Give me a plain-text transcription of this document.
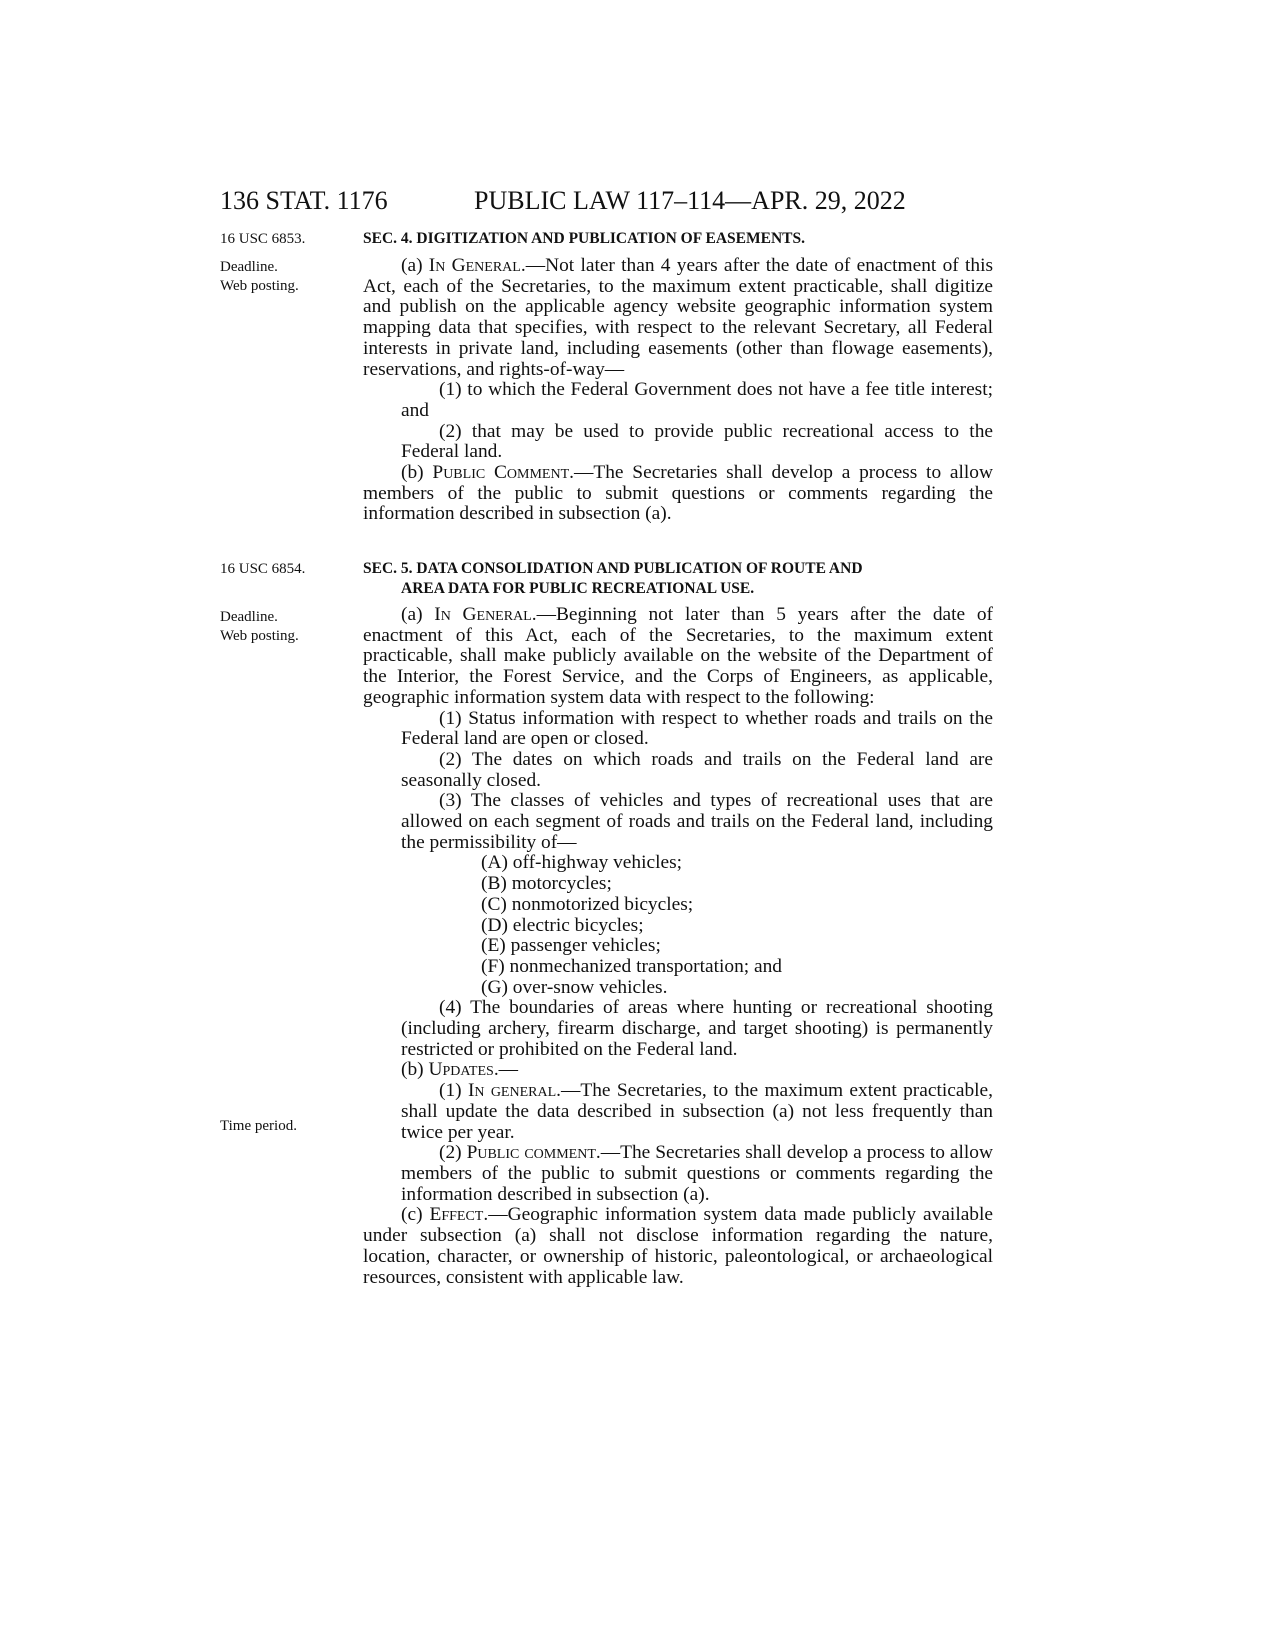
136 STAT. 1176	PUBLIC LAW 117–114—APR. 29, 2022
16 USC 6853.
Deadline.
Web posting.
16 USC 6854.
Deadline.
Web posting.
Time period.
SEC. 4. DIGITIZATION AND PUBLICATION OF EASEMENTS.

(a) In General.—Not later than 4 years after the date of enactment of this Act, each of the Secretaries, to the maximum extent practicable, shall digitize and publish on the applicable agency website geographic information system mapping data that specifies, with respect to the relevant Secretary, all Federal interests in private land, including easements (other than flowage easements), reservations, and rights-of-way—

(1) to which the Federal Government does not have a fee title interest; and

(2) that may be used to provide public recreational access to the Federal land.

(b) Public Comment.—The Secretaries shall develop a process to allow members of the public to submit questions or comments regarding the information described in subsection (a).

SEC. 5. DATA CONSOLIDATION AND PUBLICATION OF ROUTE AND
AREA DATA FOR PUBLIC RECREATIONAL USE.

(a) In General.—Beginning not later than 5 years after the date of enactment of this Act, each of the Secretaries, to the maximum extent practicable, shall make publicly available on the website of the Department of the Interior, the Forest Service, and the Corps of Engineers, as applicable, geographic information system data with respect to the following:

(1) Status information with respect to whether roads and trails on the Federal land are open or closed.

(2) The dates on which roads and trails on the Federal land are seasonally closed.

(3) The classes of vehicles and types of recreational uses that are allowed on each segment of roads and trails on the Federal land, including the permissibility of—

(A) off-highway vehicles;

(B) motorcycles;

(C) nonmotorized bicycles;

(D) electric bicycles;

(E) passenger vehicles;

(F) nonmechanized transportation; and

(G) over-snow vehicles.

(4) The boundaries of areas where hunting or recreational shooting (including archery, firearm discharge, and target shooting) is permanently restricted or prohibited on the Federal land.

(b) Updates.—

(1) In general.—The Secretaries, to the maximum extent practicable, shall update the data described in subsection (a) not less frequently than twice per year.

(2) Public comment.—The Secretaries shall develop a process to allow members of the public to submit questions or comments regarding the information described in subsection (a).

(c) Effect.—Geographic information system data made publicly available under subsection (a) shall not disclose information regarding the nature, location, character, or ownership of historic, paleontological, or archaeological resources, consistent with applicable law.
